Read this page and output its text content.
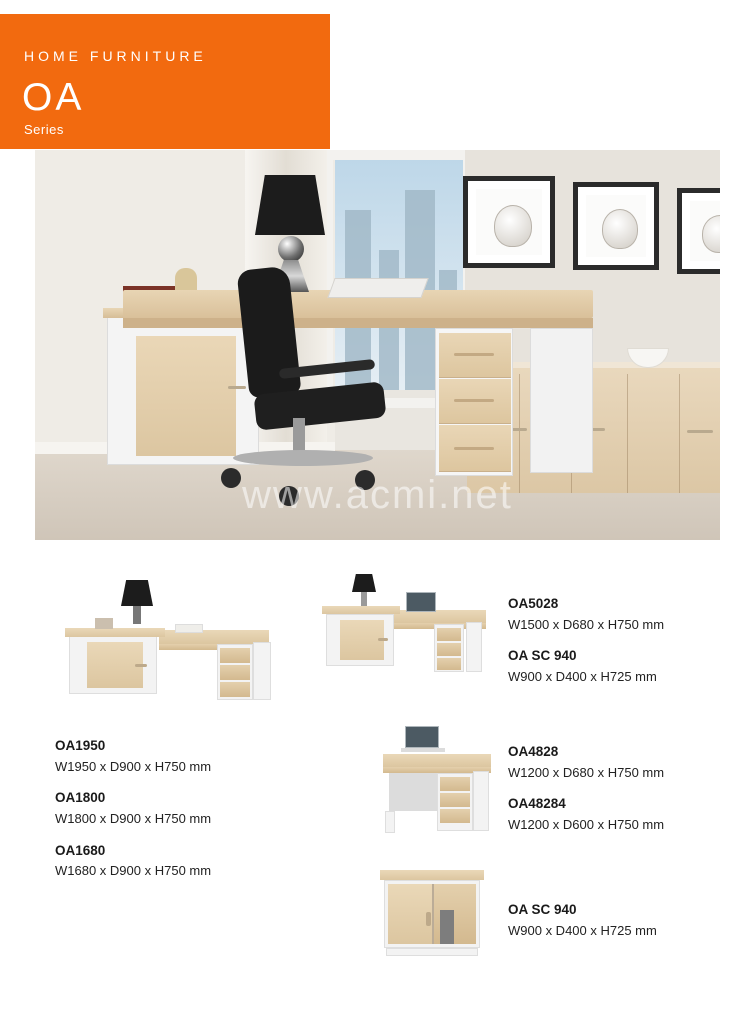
HOME FURNITURE
OA
Series
www.acmi.net
OA1950
W1950 x D900 x H750 mm
OA1800
W1800 x D900 x H750 mm
OA1680
W1680 x D900 x H750 mm
OA5028
W1500 x D680 x H750 mm
OA SC 940
W900 x D400 x H725 mm
OA4828
W1200 x D680 x H750 mm
OA48284
W1200 x D600 x H750 mm
OA SC 940
W900 x D400 x H725 mm
